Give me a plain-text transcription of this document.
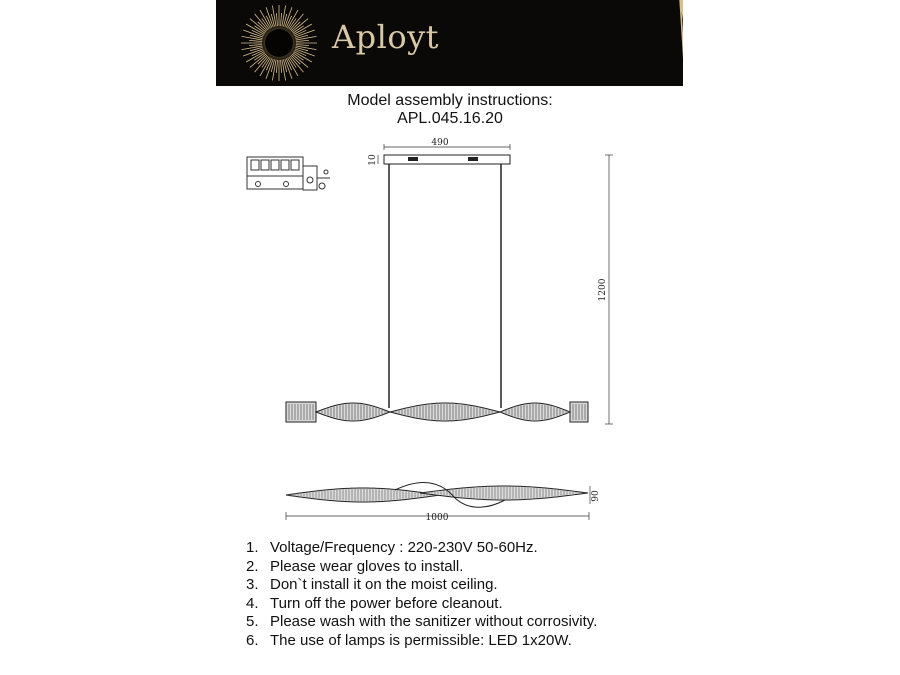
Aployt
Model assembly instructions:
APL.045.16.20
490
10
1200
1000
90
1. Voltage/Frequency : 220-230V 50-60Hz.
2. Please wear gloves to install.
3. Don`t install it on the moist ceiling.
4. Turn off the power before cleanout.
5. Please wash with the sanitizer without corrosivity.
6. The use of lamps is permissible: LED 1x20W.
